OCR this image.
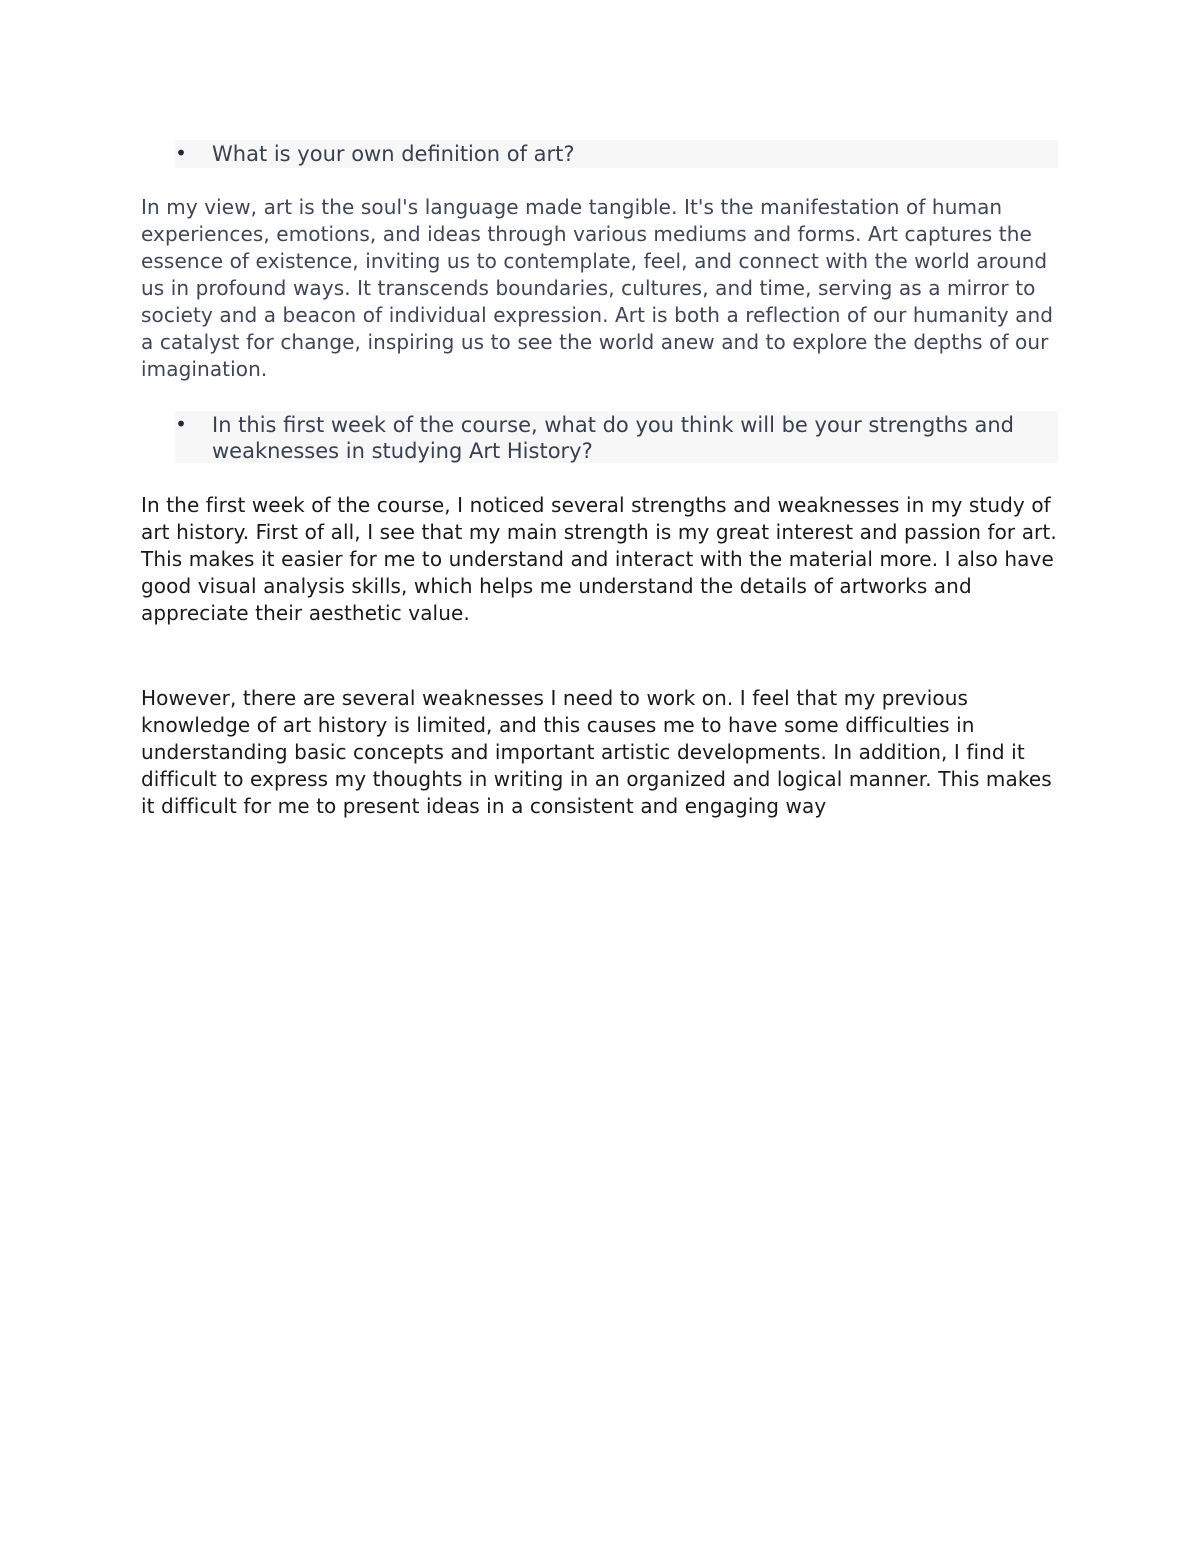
• What is your own definition of art?

In my view, art is the soul's language made tangible. It's the manifestation of human experiences, emotions, and ideas through various mediums and forms. Art captures the essence of existence, inviting us to contemplate, feel, and connect with the world around us in profound ways. It transcends boundaries, cultures, and time, serving as a mirror to society and a beacon of individual expression. Art is both a reflection of our humanity and a catalyst for change, inspiring us to see the world anew and to explore the depths of our imagination.

• In this first week of the course, what do you think will be your strengths and weaknesses in studying Art History?

In the first week of the course, I noticed several strengths and weaknesses in my study of art history. First of all, I see that my main strength is my great interest and passion for art. This makes it easier for me to understand and interact with the material more. I also have good visual analysis skills, which helps me understand the details of artworks and appreciate their aesthetic value.

However, there are several weaknesses I need to work on. I feel that my previous knowledge of art history is limited, and this causes me to have some difficulties in understanding basic concepts and important artistic developments. In addition, I find it difficult to express my thoughts in writing in an organized and logical manner. This makes it difficult for me to present ideas in a consistent and engaging way
